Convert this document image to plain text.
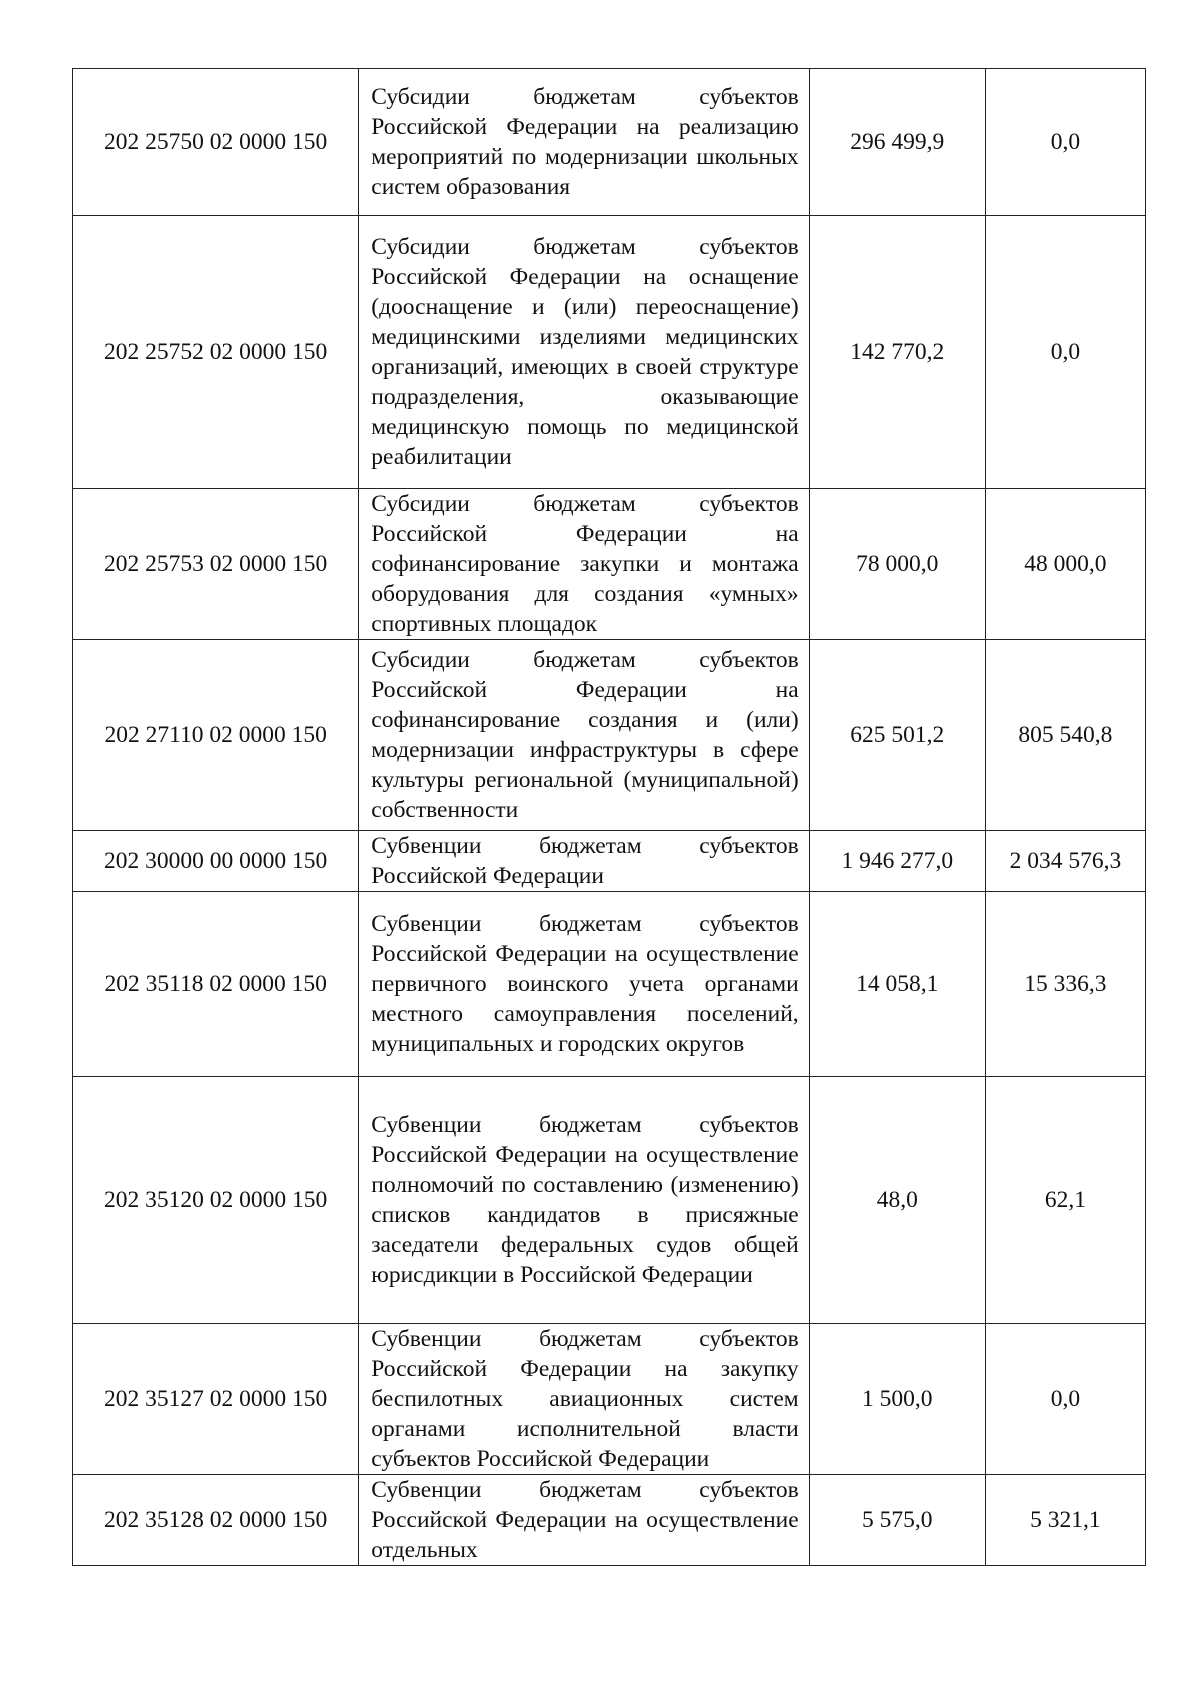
202 25750 02 0000 150	Субсидии бюджетам субъектов Российской Федерации на реализацию мероприятий по модернизации школьных систем образования	296 499,9	0,0
202 25752 02 0000 150	Субсидии бюджетам субъектов Российской Федерации на оснащение (дооснащение и (или) переоснащение) медицинскими изделиями медицинских организаций, имеющих в своей структуре подразделения, оказывающие медицинскую помощь по медицинской реабилитации	142 770,2	0,0
202 25753 02 0000 150	Субсидии бюджетам субъектов Российской Федерации на софинансирование закупки и монтажа оборудования для создания «умных» спортивных площадок	78 000,0	48 000,0
202 27110 02 0000 150	Субсидии бюджетам субъектов Российской Федерации на софинансирование создания и (или) модернизации инфраструктуры в сфере культуры региональной (муниципальной) собственности	625 501,2	805 540,8
202 30000 00 0000 150	Субвенции бюджетам субъектов Российской Федерации	1 946 277,0	2 034 576,3
202 35118 02 0000 150	Субвенции бюджетам субъектов Российской Федерации на осуществление первичного воинского учета органами местного самоуправления поселений, муниципальных и городских округов	14 058,1	15 336,3
202 35120 02 0000 150	Субвенции бюджетам субъектов Российской Федерации на осуществление полномочий по составлению (изменению) списков кандидатов в присяжные заседатели федеральных судов общей юрисдикции в Российской Федерации	48,0	62,1
202 35127 02 0000 150	Субвенции бюджетам субъектов Российской Федерации на закупку беспилотных авиационных систем органами исполнительной власти субъектов Российской Федерации	1 500,0	0,0
202 35128 02 0000 150	Субвенции бюджетам субъектов Российской Федерации на осуществление отдельных	5 575,0	5 321,1
